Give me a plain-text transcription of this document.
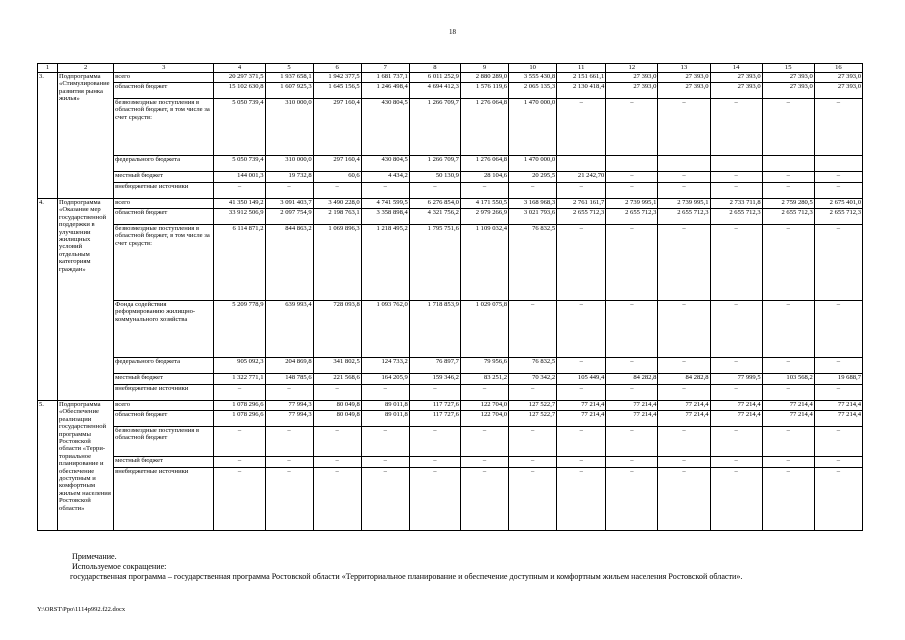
18
1	2	3	4	5	6	7	8	9	10	11	12	13	14	15	16
3.	Подпрограмма «Стимулирование развития рынка жилья»	всего	20 297 371,5	1 937 658,1	1 942 377,5	1 681 737,1	6 011 252,9	2 880 289,0	3 555 430,8	2 151 661,1	27 393,0	27 393,0	27 393,0	27 393,0	27 393,0
		областной бюджет	15 102 630,8	1 607 925,3	1 645 156,5	1 246 498,4	4 694 412,3	1 576 119,6	2 065 135,3	2 130 418,4	27 393,0	27 393,0	27 393,0	27 393,0	27 393,0
		безвозмездные поступления в областной бюджет, в том числе за счет средств:	5 050 739,4	310 000,0	297 160,4	430 804,5	1 266 709,7	1 276 064,8	1 470 000,0	–	–	–	–	–	–
		федерального бюджета	5 050 739,4	310 000,0	297 160,4	430 804,5	1 266 709,7	1 276 064,8	1 470 000,0						
		местный бюджет	144 001,3	19 732,8	60,6	4 434,2	50 130,9	28 104,6	20 295,5	21 242,70	–	–	–	–	–
		внебюджетные источники	–	–	–	–	–	–	–	–	–	–	–	–	–
4.	Подпрограмма «Оказание мер государственной поддержки в улучшении жилищных условий отдельным категориям граждан»	всего	41 350 149,2	3 091 403,7	3 490 228,0	4 741 599,5	6 276 854,0	4 171 550,5	3 168 968,3	2 761 161,7	2 739 995,1	2 739 995,1	2 733 711,8	2 759 280,5	2 675 401,0
		областной бюджет	33 912 506,9	2 097 754,9	2 198 763,1	3 358 898,4	4 321 756,2	2 979 266,9	3 021 793,6	2 655 712,3	2 655 712,3	2 655 712,3	2 655 712,3	2 655 712,3	2 655 712,3
		безвозмездные поступления в областной бюджет, в том числе за счет средств:	6 114 871,2	844 863,2	1 069 896,3	1 218 495,2	1 795 751,6	1 109 032,4	76 832,5	–	–	–	–	–	–
		Фонда содействия реформированию жилищно-коммунального хозяйства	5 209 778,9	639 993,4	728 093,8	1 093 762,0	1 718 853,9	1 029 075,8	–	–	–	–	–	–	–
		федерального бюджета	905 092,3	204 869,8	341 802,5	124 733,2	76 897,7	79 956,6	76 832,5	–	–	–	–	–	–
		местный бюджет	1 322 771,1	148 785,6	221 568,6	164 205,9	159 346,2	83 251,2	70 342,2	105 449,4	84 282,8	84 282,8	77 999,5	103 568,2	19 688,7
		внебюджетные источники	–	–	–	–	–	–	–	–	–	–	–	–	–
5.	Подпрограмма «Обеспечение реализации государственной программы Ростовской области «Терри-ториальное планирование и обеспечение доступным и комфортным жильем населения Ростовской области»	всего	1 078 296,6	77 994,3	80 049,8	89 011,8	117 727,6	122 704,0	127 522,7	77 214,4	77 214,4	77 214,4	77 214,4	77 214,4	77 214,4
		областной бюджет	1 078 296,6	77 994,3	80 049,8	89 011,8	117 727,6	122 704,0	127 522,7	77 214,4	77 214,4	77 214,4	77 214,4	77 214,4	77 214,4
		безвозмездные поступления в областной бюджет	–	–	–	–	–	–	–	–	–	–	–	–	–
		местный бюджет	–	–	–	–	–	–	–	–	–	–	–	–	–
		внебюджетные источники	–	–	–	–	–	–	–	–	–	–	–	–	–
Примечание.
Используемое сокращение:
государственная программа – государственная программа Ростовской области «Территориальное планирование и обеспечение доступным и комфортным жильем населения Ростовской области».
Y:\ORST\Ppo\1114p992.f22.docx
